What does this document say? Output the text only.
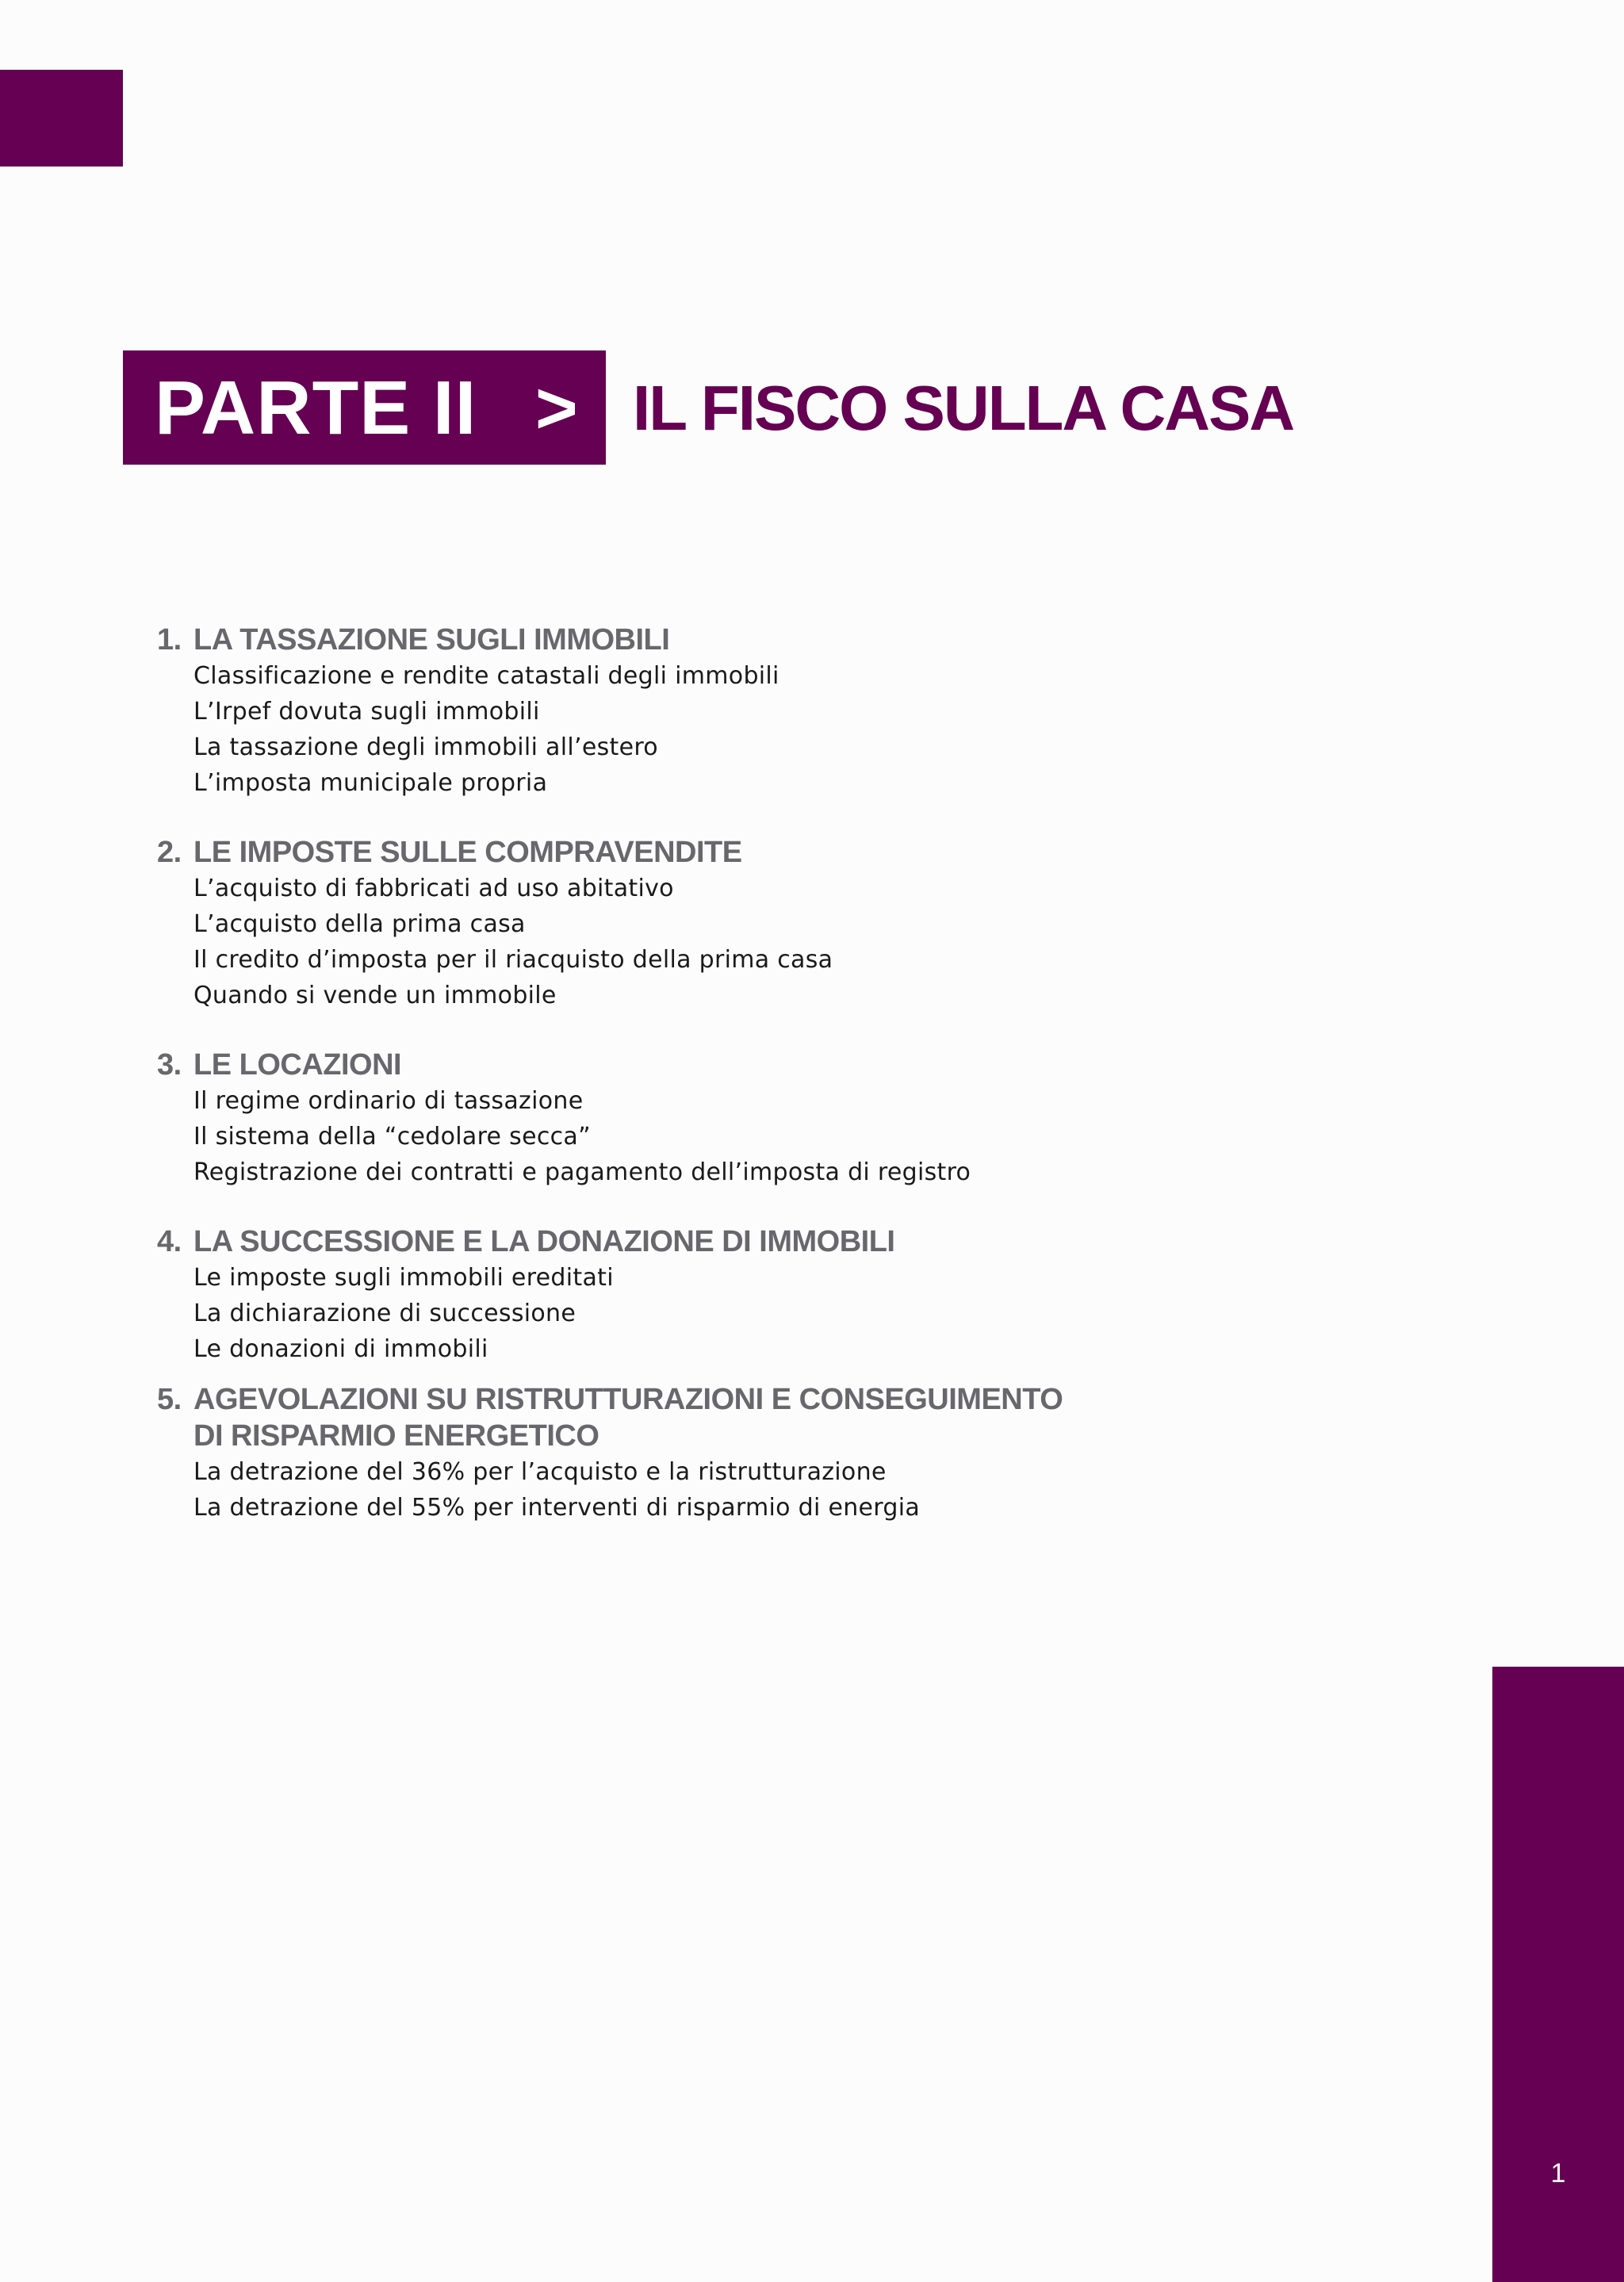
PARTE II > IL FISCO SULLA CASA
1. LA TASSAZIONE SUGLI IMMOBILI
Classificazione e rendite catastali degli immobili
L’Irpef dovuta sugli immobili
La tassazione degli immobili all’estero
L’imposta municipale propria
2. LE IMPOSTE SULLE COMPRAVENDITE
L’acquisto di fabbricati ad uso abitativo
L’acquisto della prima casa
Il credito d’imposta per il riacquisto della prima casa
Quando si vende un immobile
3. LE LOCAZIONI
Il regime ordinario di tassazione
Il sistema della “cedolare secca”
Registrazione dei contratti e pagamento dell’imposta di registro
4. LA SUCCESSIONE E LA DONAZIONE DI IMMOBILI
Le imposte sugli immobili ereditati
La dichiarazione di successione
Le donazioni di immobili
5. AGEVOLAZIONI SU RISTRUTTURAZIONI E CONSEGUIMENTO
DI RISPARMIO ENERGETICO
La detrazione del 36% per l’acquisto e la ristrutturazione
La detrazione del 55% per interventi di risparmio di energia
1
